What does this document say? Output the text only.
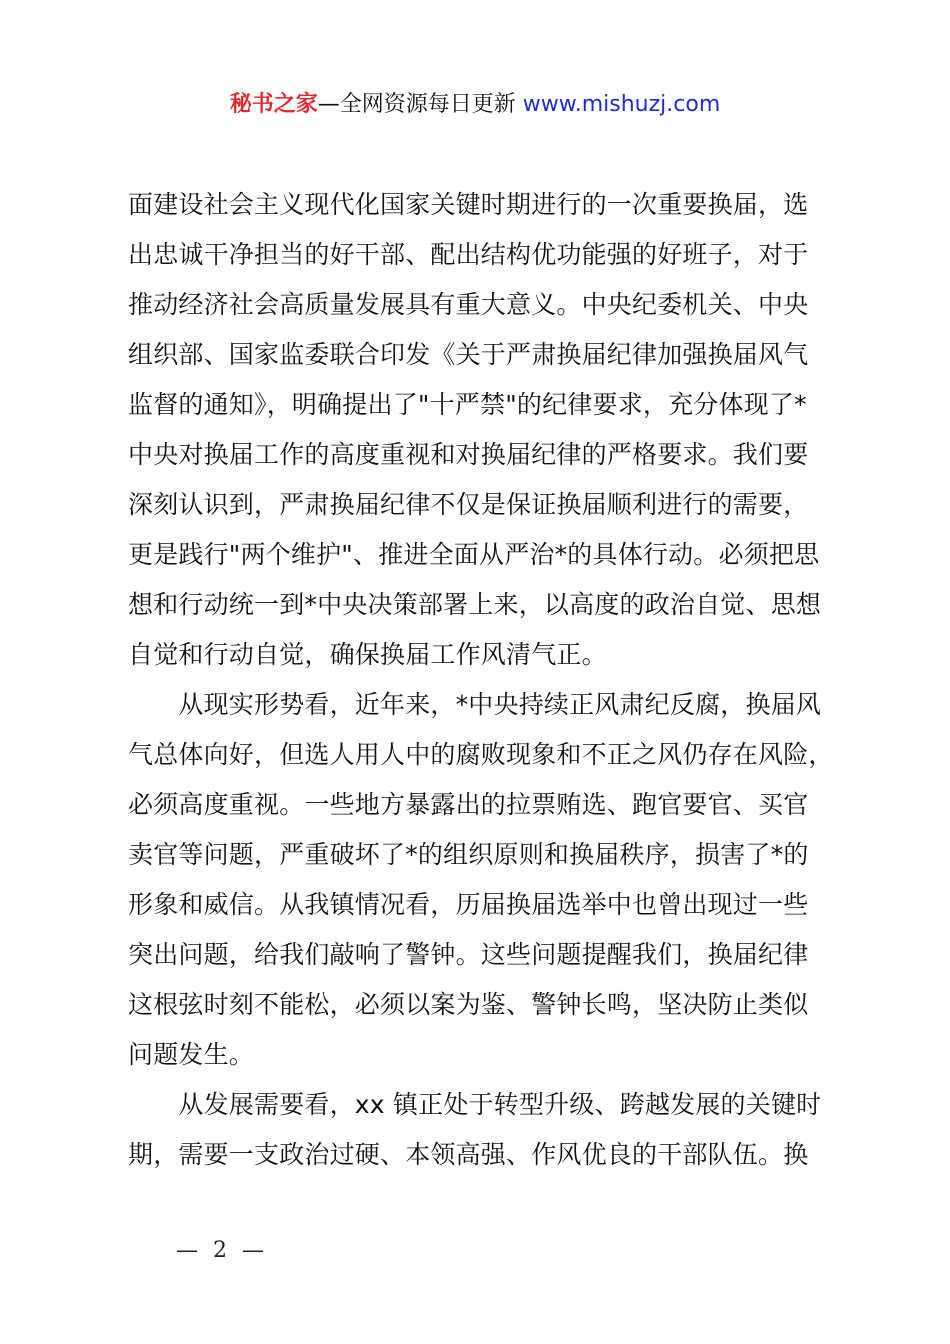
秘书之家—全网资源每日更新 www.mishuzj.com
面建设社会主义现代化国家关键时期进行的一次重要换届，选
出忠诚干净担当的好干部、配出结构优功能强的好班子，对于
推动经济社会高质量发展具有重大意义。中央纪委机关、中央
组织部、国家监委联合印发《关于严肃换届纪律加强换届风气
监督的通知》，明确提出了"十严禁"的纪律要求，充分体现了*
中央对换届工作的高度重视和对换届纪律的严格要求。我们要
深刻认识到，严肃换届纪律不仅是保证换届顺利进行的需要，
更是践行"两个维护"、推进全面从严治*的具体行动。必须把思
想和行动统一到*中央决策部署上来，以高度的政治自觉、思想
自觉和行动自觉，确保换届工作风清气正。
　　从现实形势看，近年来，*中央持续正风肃纪反腐，换届风
气总体向好，但选人用人中的腐败现象和不正之风仍存在风险，
必须高度重视。一些地方暴露出的拉票贿选、跑官要官、买官
卖官等问题，严重破坏了*的组织原则和换届秩序，损害了*的
形象和威信。从我镇情况看，历届换届选举中也曾出现过一些
突出问题，给我们敲响了警钟。这些问题提醒我们，换届纪律
这根弦时刻不能松，必须以案为鉴、警钟长鸣，坚决防止类似
问题发生。
　　从发展需要看，xx 镇正处于转型升级、跨越发展的关键时
期，需要一支政治过硬、本领高强、作风优良的干部队伍。换
— 2 —
